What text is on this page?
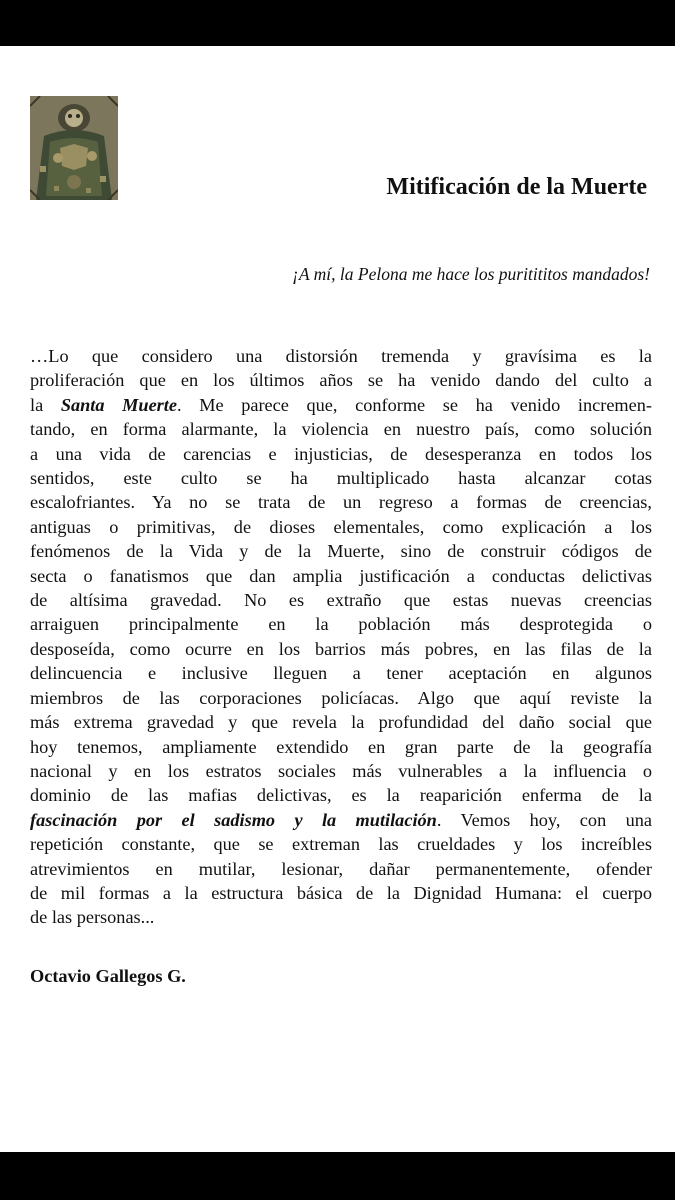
Mitificación de la Muerte

¡A mí, la Pelona me hace los puritititos mandados!

…Lo que considero una distorsión tremenda y gravísima es la
proliferación que en los últimos años se ha venido dando del culto a
la Santa Muerte. Me parece que, conforme se ha venido incremen-
tando, en forma alarmante, la violencia en nuestro país, como solución
a una vida de carencias e injusticias, de desesperanza en todos los
sentidos, este culto se ha multiplicado hasta alcanzar cotas
escalofriantes. Ya no se trata de un regreso a formas de creencias,
antiguas o primitivas, de dioses elementales, como explicación a los
fenómenos de la Vida y de la Muerte, sino de construir códigos de
secta o fanatismos que dan amplia justificación a conductas delictivas
de altísima gravedad. No es extraño que estas nuevas creencias
arraiguen principalmente en la población más desprotegida o
desposeída, como ocurre en los barrios más pobres, en las filas de la
delincuencia e inclusive lleguen a tener aceptación en algunos
miembros de las corporaciones policíacas. Algo que aquí reviste la
más extrema gravedad y que revela la profundidad del daño social que
hoy tenemos, ampliamente extendido en gran parte de la geografía
nacional y en los estratos sociales más vulnerables a la influencia o
dominio de las mafias delictivas, es la reaparición enferma de la
fascinación por el sadismo y la mutilación. Vemos hoy, con una
repetición constante, que se extreman las crueldades y los increíbles
atrevimientos en mutilar, lesionar, dañar permanentemente, ofender
de mil formas a la estructura básica de la Dignidad Humana: el cuerpo
de las personas...

Octavio Gallegos G.
